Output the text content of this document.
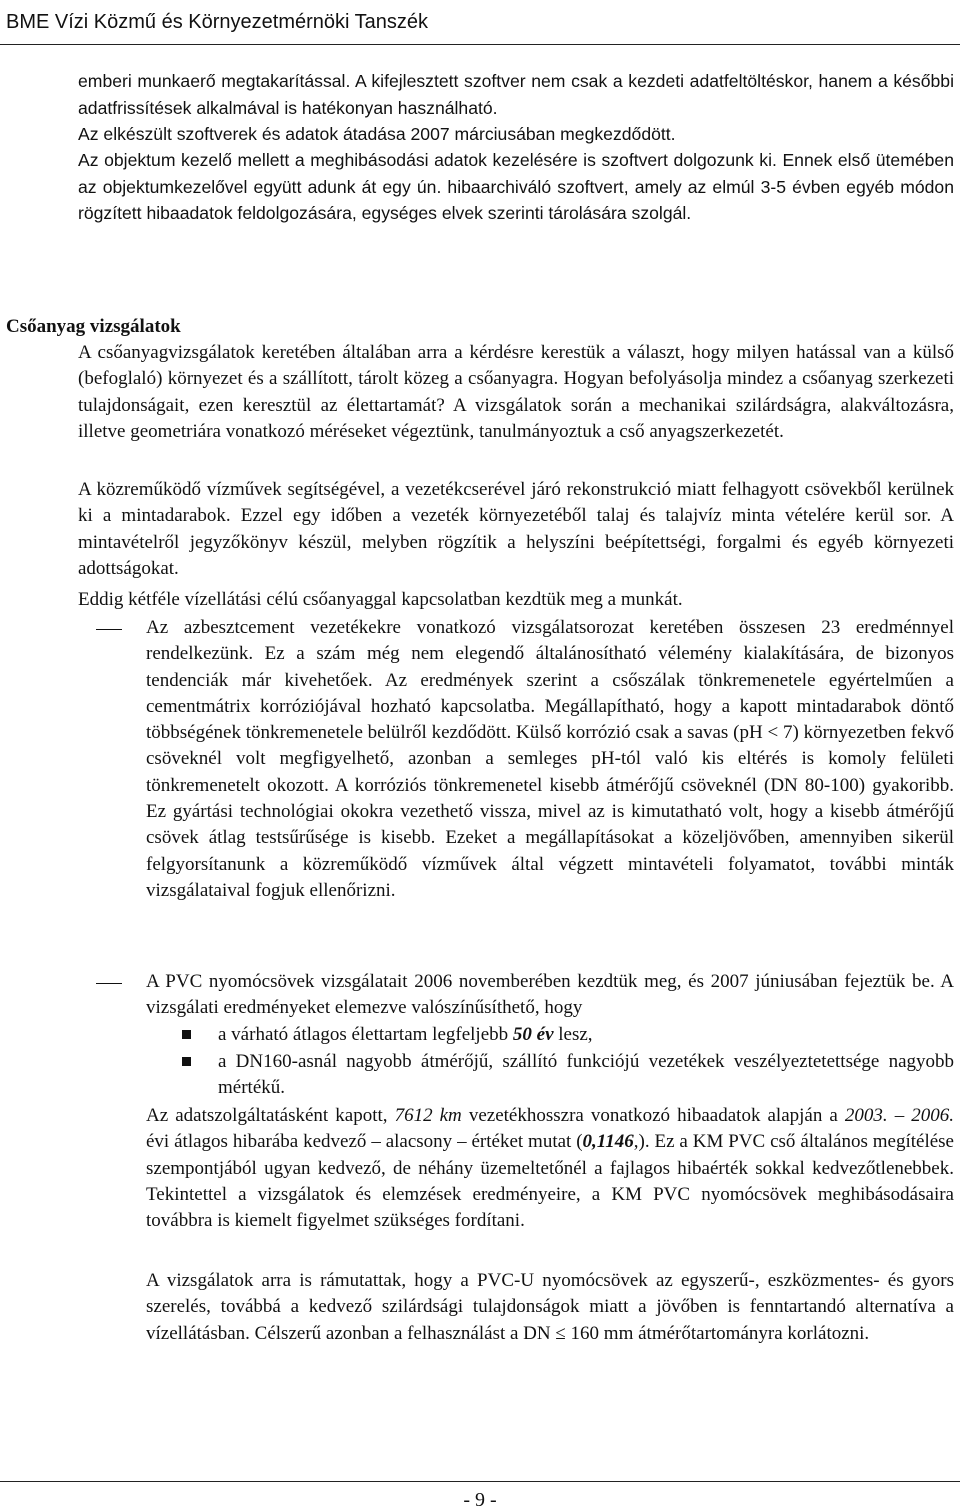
BME Vízi Közmű és Környezetmérnöki Tanszék

emberi munkaerő megtakarítással. A kifejlesztett szoftver nem csak a kezdeti adatfeltöltéskor, hanem a későbbi adatfrissítések alkalmával is hatékonyan használható.

Az elkészült szoftverek és adatok átadása 2007 márciusában megkezdődött.

Az objektum kezelő mellett a meghibásodási adatok kezelésére is szoftvert dolgozunk ki. Ennek első ütemében az objektumkezelővel együtt adunk át egy ún. hibaarchiváló szoftvert, amely az elmúl 3-5 évben egyéb módon rögzített hibaadatok feldolgozására, egységes elvek szerinti tárolására szolgál.

Csőanyag vizsgálatok

A csőanyagvizsgálatok keretében általában arra a kérdésre kerestük a választ, hogy milyen hatással van a külső (befoglaló) környezet és a szállított, tárolt közeg a csőanyagra. Hogyan befolyásolja mindez a csőanyag szerkezeti tulajdonságait, ezen keresztül az élettartamát? A vizsgálatok során a mechanikai szilárdságra, alakváltozásra, illetve geometriára vonatkozó méréseket végeztünk, tanulmányoztuk a cső anyagszerkezetét.

A közreműködő vízművek segítségével, a vezetékcserével járó rekonstrukció miatt felhagyott csövekből kerülnek ki a mintadarabok. Ezzel egy időben a vezeték környezetéből talaj és talajvíz minta vételére kerül sor. A mintavételről jegyzőkönyv készül, melyben rögzítik a helyszíni beépítettségi, forgalmi és egyéb környezeti adottságokat.

Eddig kétféle vízellátási célú csőanyaggal kapcsolatban kezdtük meg a munkát.

Az azbesztcement vezetékekre vonatkozó vizsgálatsorozat keretében összesen 23 eredménnyel rendelkezünk. Ez a szám még nem elegendő általánosítható vélemény kialakítására, de bizonyos tendenciák már kivehetőek. Az eredmények szerint a csőszálak tönkremenetele egyértelműen a cementmátrix korróziójával hozható kapcsolatba. Megállapítható, hogy a kapott mintadarabok döntő többségének tönkremenetele belülről kezdődött. Külső korrózió csak a savas (pH < 7) környezetben fekvő csöveknél volt megfigyelhető, azonban a semleges pH-tól való kis eltérés is komoly felületi tönkremenetelt okozott. A korróziós tönkremenetel kisebb átmérőjű csöveknél (DN 80-100) gyakoribb. Ez gyártási technológiai okokra vezethető vissza, mivel az is kimutatható volt, hogy a kisebb átmérőjű csövek átlag testsűrűsége is kisebb. Ezeket a megállapításokat a közeljövőben, amennyiben sikerül felgyorsítanunk a közreműködő vízművek által végzett mintavételi folyamatot, további minták vizsgálataival fogjuk ellenőrizni.

A PVC nyomócsövek vizsgálatait 2006 novemberében kezdtük meg, és 2007 júniusában fejeztük be. A vizsgálati eredményeket elemezve valószínűsíthető, hogy

a várható átlagos élettartam legfeljebb 50 év lesz,

a DN160-asnál nagyobb átmérőjű, szállító funkciójú vezetékek veszélyeztetettsége nagyobb mértékű.

Az adatszolgáltatásként kapott, 7612 km vezetékhosszra vonatkozó hibaadatok alapján a 2003. – 2006. évi átlagos hibarába kedvező – alacsony – értéket mutat (0,1146,). Ez a KM PVC cső általános megítélése szempontjából ugyan kedvező, de néhány üzemeltetőnél a fajlagos hibaérték sokkal kedvezőtlenebbek. Tekintettel a vizsgálatok és elemzések eredményeire, a KM PVC nyomócsövek meghibásodásaira továbbra is kiemelt figyelmet szükséges fordítani.

A vizsgálatok arra is rámutattak, hogy a PVC-U nyomócsövek az egyszerű-, eszközmentes- és gyors szerelés, továbbá a kedvező szilárdsági tulajdonságok miatt a jövőben is fenntartandó alternatíva a vízellátásban. Célszerű azonban a felhasználást a DN ≤ 160 mm átmérőtartományra korlátozni.

- 9 -
